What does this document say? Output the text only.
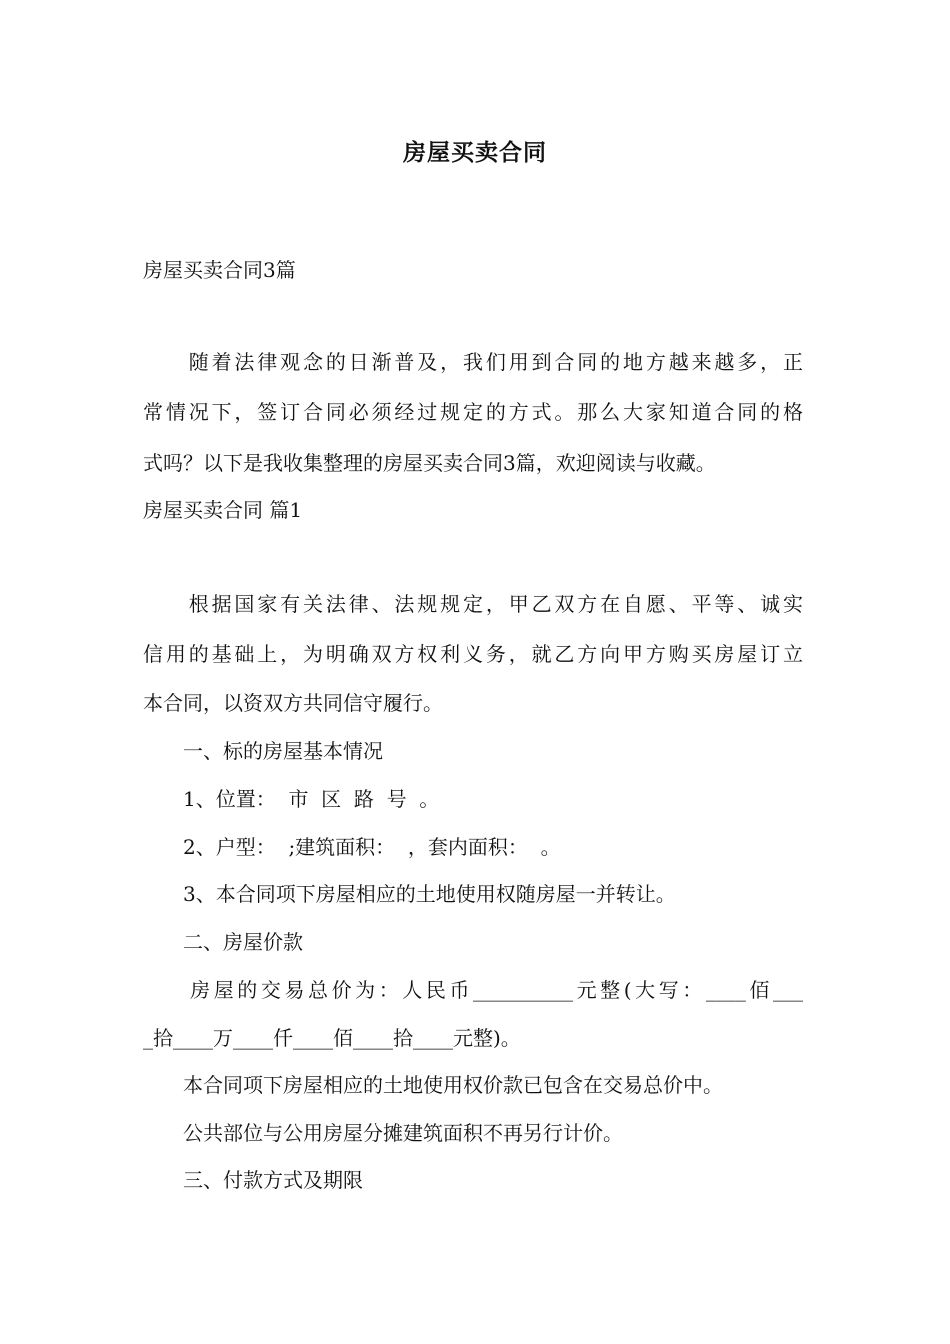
房屋买卖合同
房屋买卖合同3篇
　　随着法律观念的日渐普及，我们用到合同的地方越来越多，正
常情况下，签订合同必须经过规定的方式。那么大家知道合同的格
式吗？以下是我收集整理的房屋买卖合同3篇，欢迎阅读与收藏。
房屋买卖合同 篇1
　　根据国家有关法律、法规规定，甲乙双方在自愿、平等、诚实
信用的基础上，为明确双方权利义务，就乙方向甲方购买房屋订立
本合同，以资双方共同信守履行。
　　一、标的房屋基本情况
　　1、位置：  市  区  路  号  。
　　2、户型：  ;建筑面积：  ，套内面积：  。
　　3、本合同项下房屋相应的土地使用权随房屋一并转让。
　　二、房屋价款
　　房屋的交易总价为：人民币__________元整(大写：____佰___
_拾____万____仟____佰____拾____元整)。
　　本合同项下房屋相应的土地使用权价款已包含在交易总价中。
　　公共部位与公用房屋分摊建筑面积不再另行计价。
　　三、付款方式及期限
